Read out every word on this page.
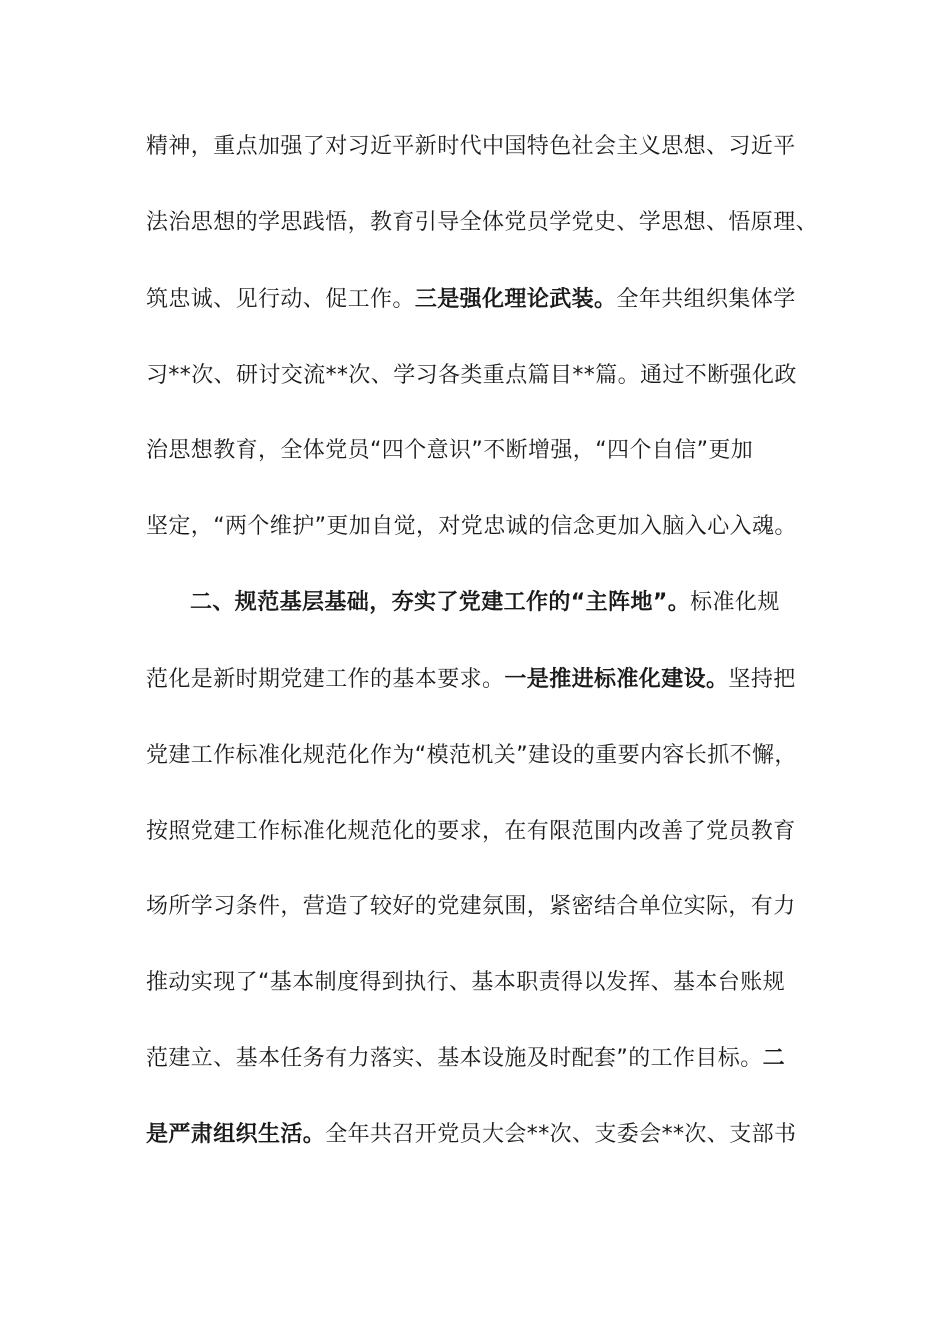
精神，重点加强了对习近平新时代中国特色社会主义思想、习近平
法治思想的学思践悟，教育引导全体党员学党史、学思想、悟原理、
筑忠诚、见行动、促工作。三是强化理论武装。全年共组织集体学
习**次、研讨交流**次、学习各类重点篇目**篇。通过不断强化政
治思想教育，全体党员“四个意识”不断增强，“四个自信”更加
坚定，“两个维护”更加自觉，对党忠诚的信念更加入脑入心入魂。
二、规范基层基础，夯实了党建工作的“主阵地”。标准化规
范化是新时期党建工作的基本要求。一是推进标准化建设。坚持把
党建工作标准化规范化作为“模范机关”建设的重要内容长抓不懈，
按照党建工作标准化规范化的要求，在有限范围内改善了党员教育
场所学习条件，营造了较好的党建氛围，紧密结合单位实际，有力
推动实现了“基本制度得到执行、基本职责得以发挥、基本台账规
范建立、基本任务有力落实、基本设施及时配套”的工作目标。二
是严肃组织生活。全年共召开党员大会**次、支委会**次、支部书
